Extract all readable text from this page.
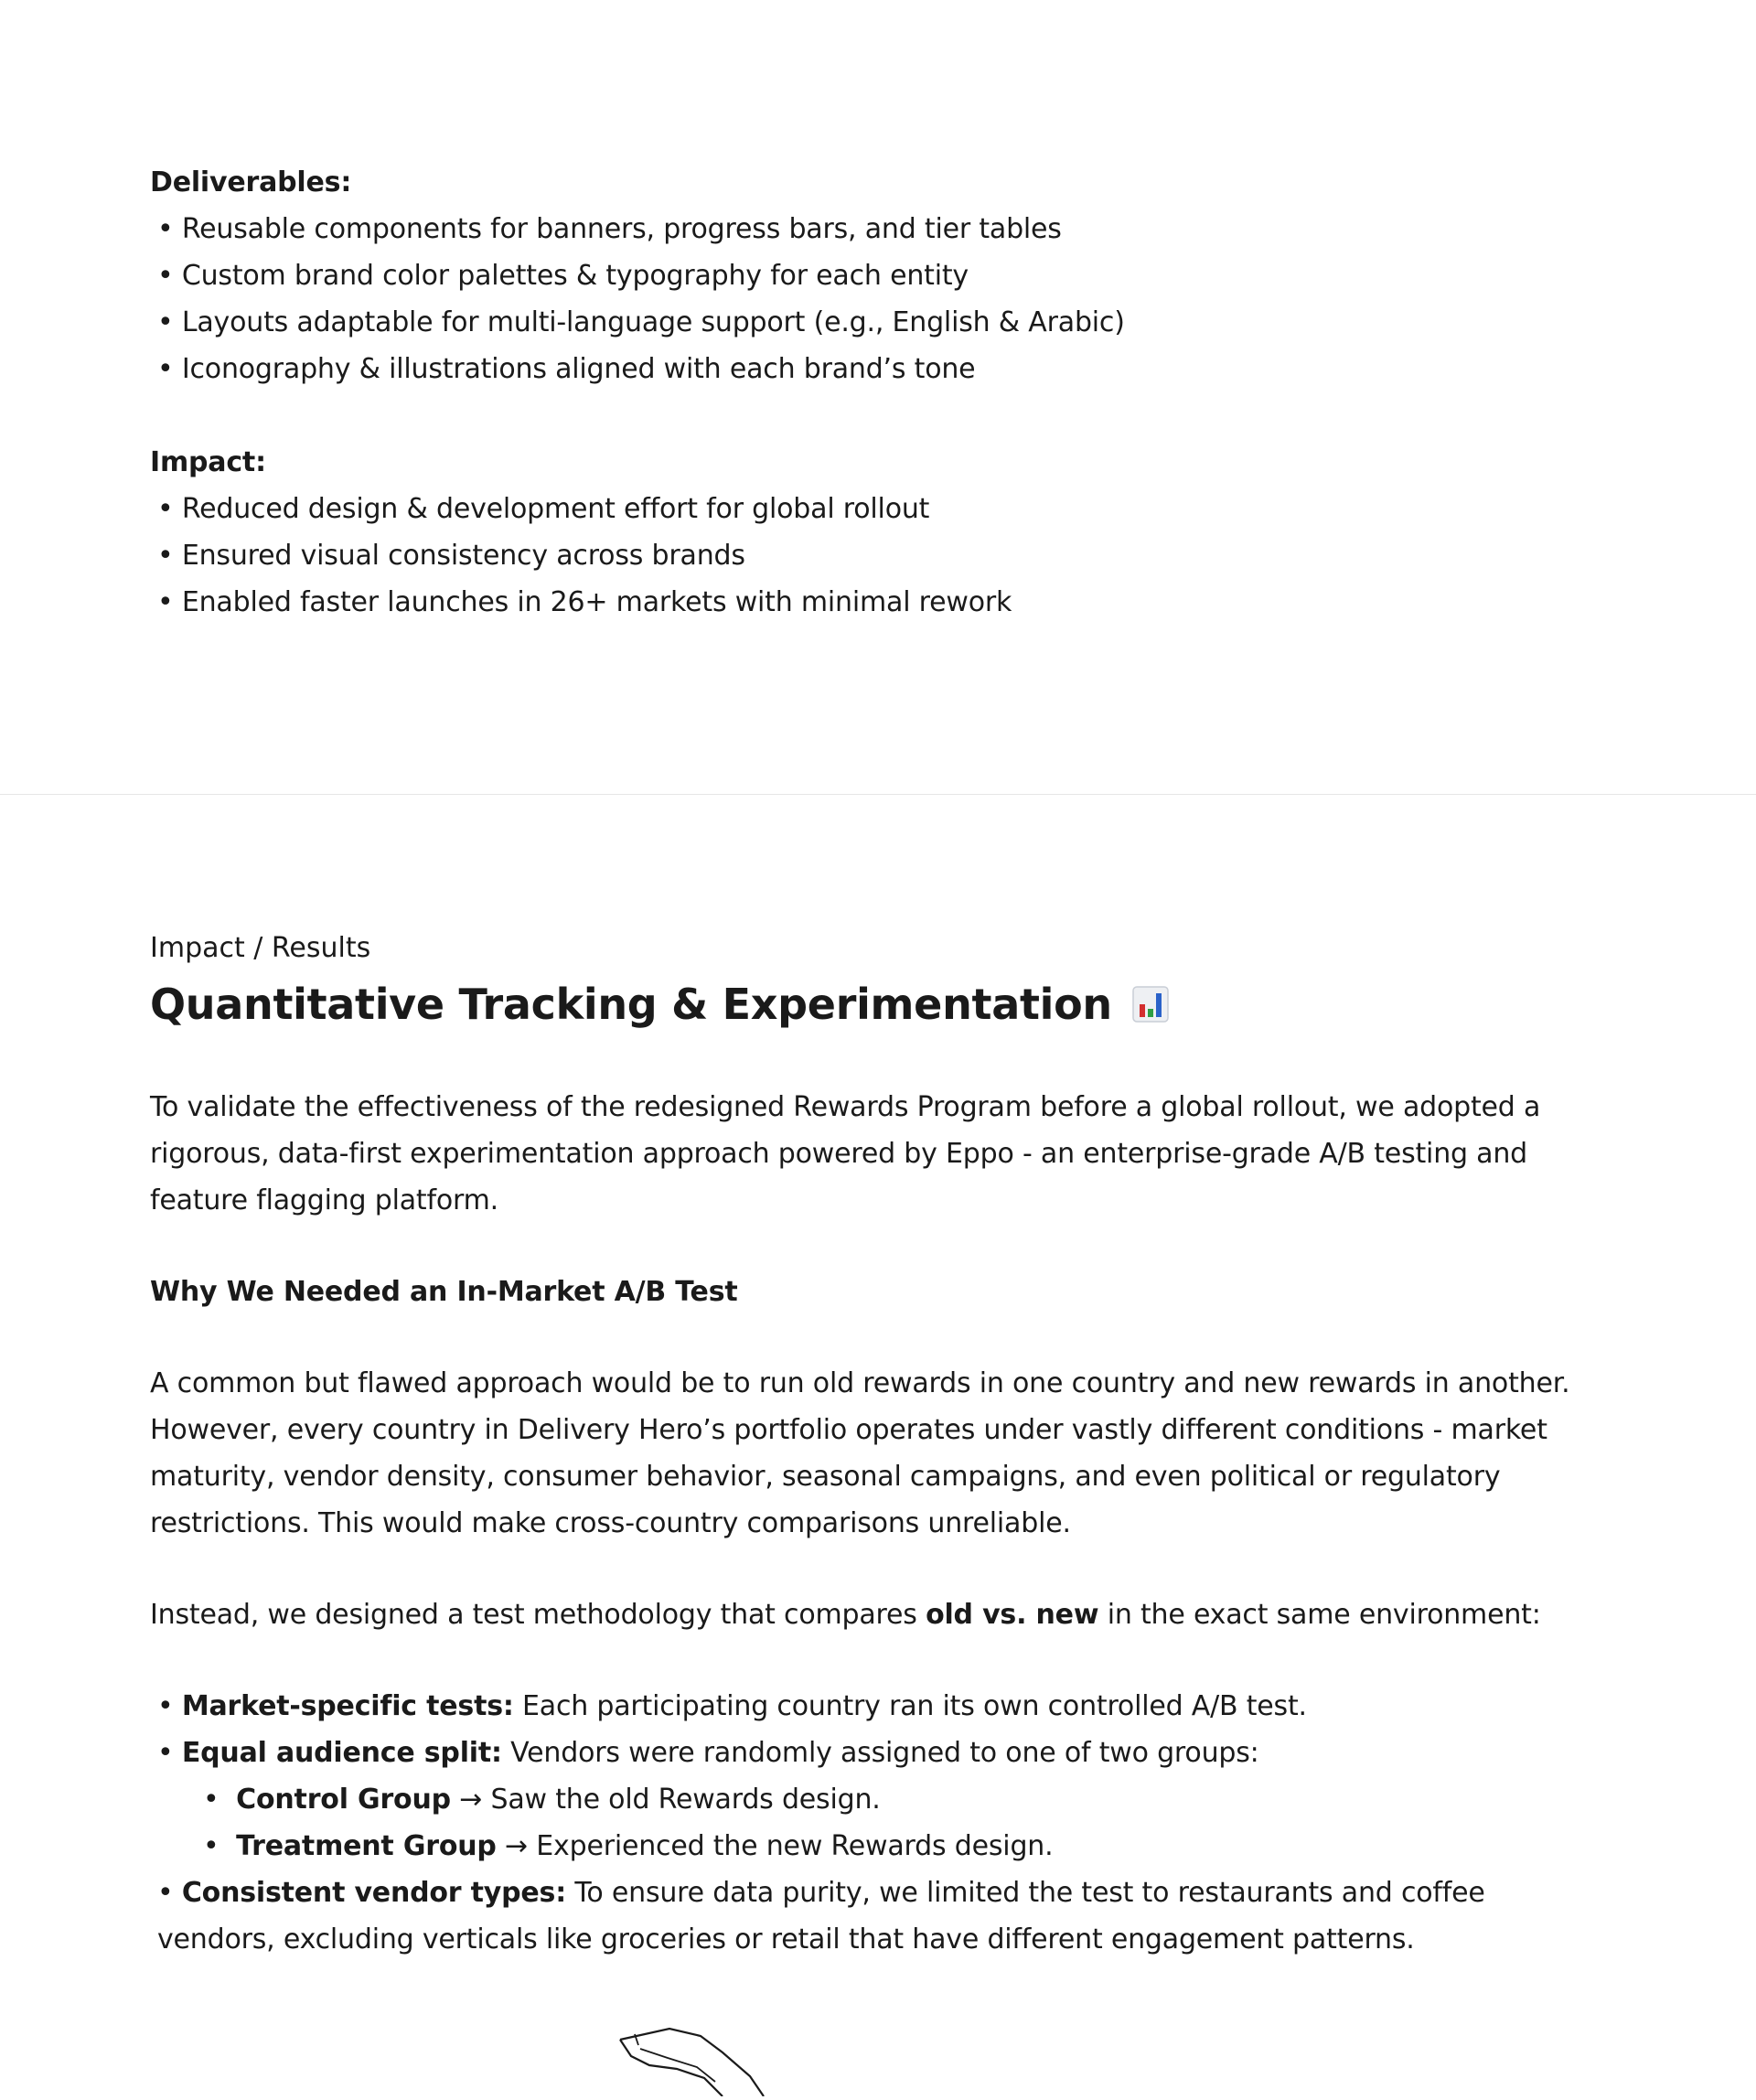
Deliverables:
• Reusable components for banners, progress bars, and tier tables
• Custom brand color palettes & typography for each entity
• Layouts adaptable for multi-language support (e.g., English & Arabic)
• Iconography & illustrations aligned with each brand’s tone
Impact:
• Reduced design & development effort for global rollout
• Ensured visual consistency across brands
• Enabled faster launches in 26+ markets with minimal rework
Impact / Results
Quantitative Tracking & Experimentation
To validate the effectiveness of the redesigned Rewards Program before a global rollout, we adopted a rigorous, data-first experimentation approach powered by Eppo - an enterprise-grade A/B testing and feature flagging platform.
Why We Needed an In-Market A/B Test
A common but flawed approach would be to run old rewards in one country and new rewards in another. However, every country in Delivery Hero’s portfolio operates under vastly different conditions - market maturity, vendor density, consumer behavior, seasonal campaigns, and even political or regulatory restrictions. This would make cross-country comparisons unreliable.
Instead, we designed a test methodology that compares old vs. new in the exact same environment:
• Market-specific tests: Each participating country ran its own controlled A/B test.
• Equal audience split: Vendors were randomly assigned to one of two groups:
•  Control Group → Saw the old Rewards design.
•  Treatment Group → Experienced the new Rewards design.
• Consistent vendor types: To ensure data purity, we limited the test to restaurants and coffee vendors, excluding verticals like groceries or retail that have different engagement patterns.
